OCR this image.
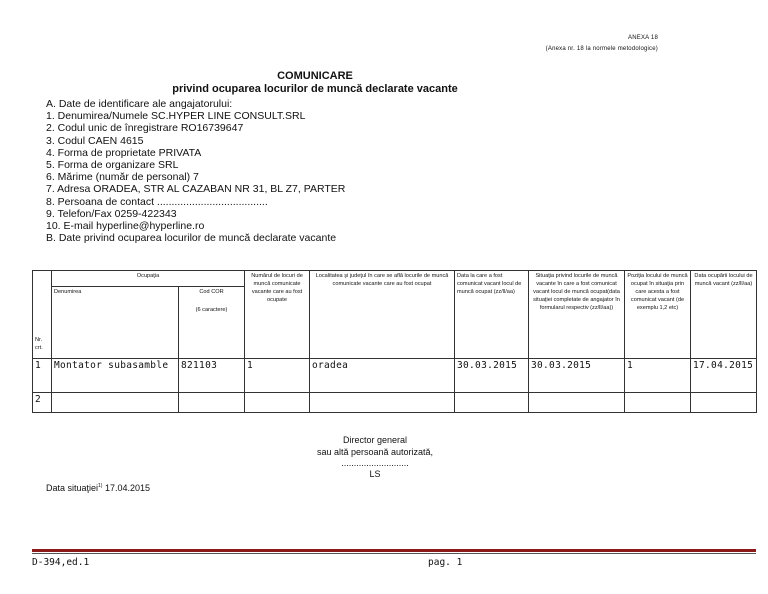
ANEXA 18
(Anexa nr. 18 la normele metodologice)
COMUNICARE
privind ocuparea locurilor de muncă declarate vacante
A. Date de identificare ale angajatorului:
1. Denumirea/Numele SC.HYPER LINE CONSULT.SRL
2. Codul unic de înregistrare RO16739647
3. Codul CAEN 4615
4. Forma de proprietate PRIVATA
5. Forma de organizare SRL
6. Mărime (număr de personal) 7
7. Adresa ORADEA, STR AL CAZABAN NR 31, BL Z7, PARTER
8. Persoana de contact ......................................
9. Telefon/Fax 0259-422343
10. E-mail hyperline@hyperline.ro
B. Date privind ocuparea locurilor de muncă declarate vacante
Nr. crt.	Ocupaţia		Numărul de locuri de muncă comunicate vacante care au fost ocupate	Localitatea şi judeţul în care se află locurile de muncă comunicate vacante care au fost ocupat	Data la care a fost comunicat vacant locul de muncă ocupat (zz/ll/aa)	Situaţia privind locurile de muncă vacante în care a fost comunicat vacant locul de muncă ocupat(data situaţiei completate de angajator în formularul respectiv (zz/ll/aa))	Poziţia locului de muncă ocupat în situaţia prin care acesta a fost comunicat vacant (de exemplu 1,2 etc)	Data ocupării locului de muncă vacant (zz/ll/aa)
	Denumirea	Cod COR
(6 caractere)						

1	Montator subasamble	821103	1	oradea	30.03.2015	30.03.2015	1	17.04.2015
2								
Director general
sau altă persoană autorizată,
...........................
LS
Data situaţiei$^{1)}$ 17.04.2015
D-394,ed.1	pag. 1
